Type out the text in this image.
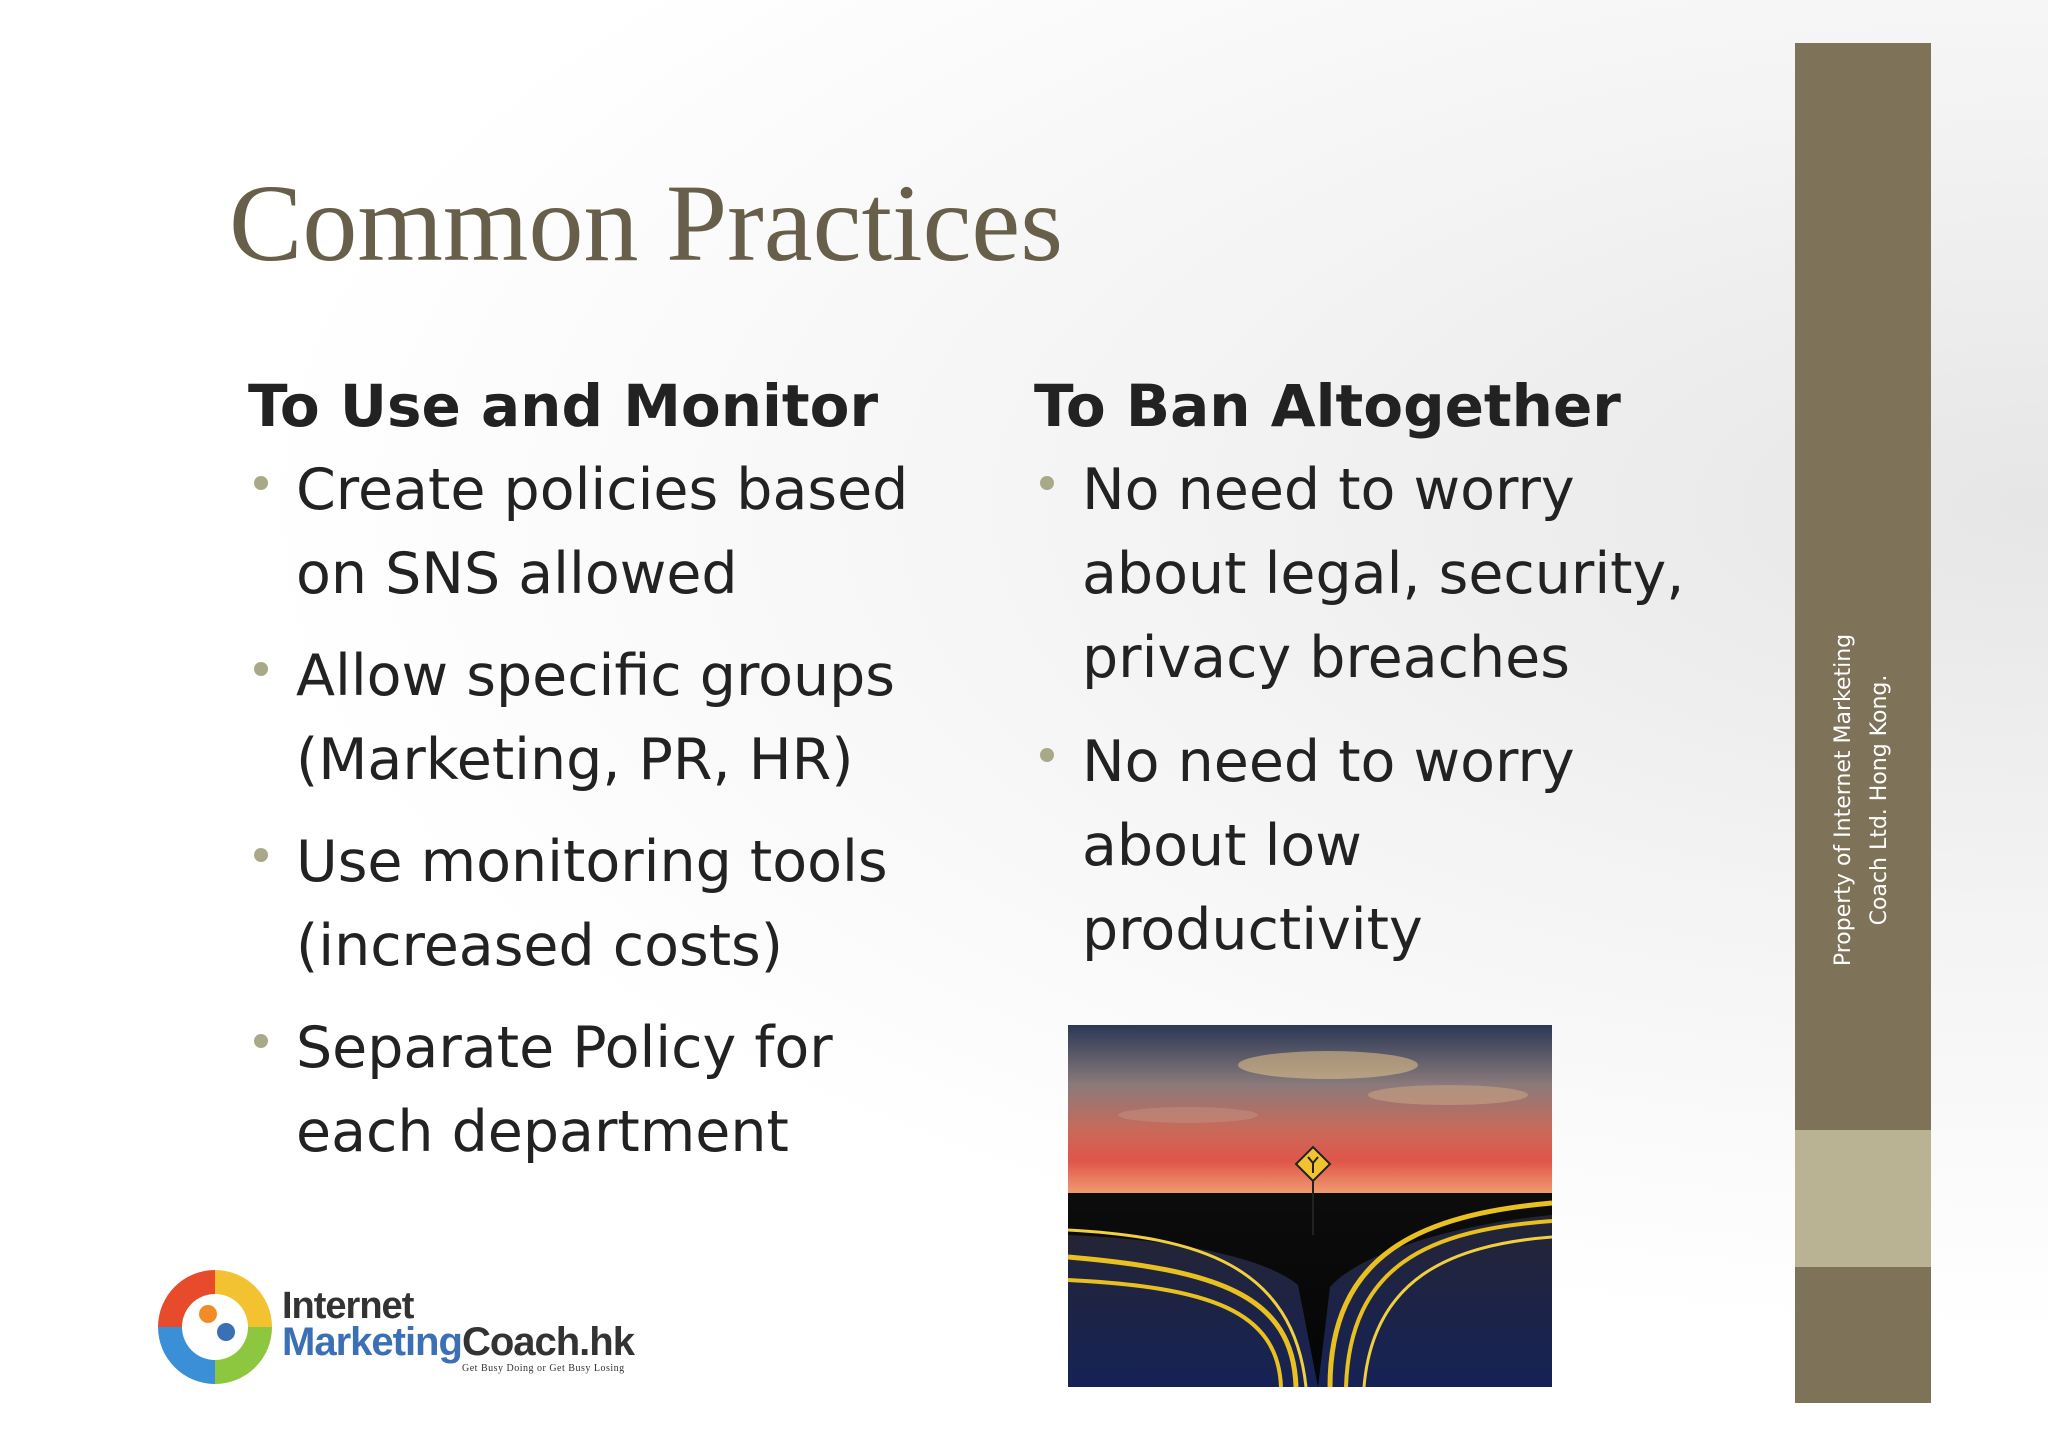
Common Practices
To Use and Monitor
Create policies based
on SNS allowed
Allow specific groups
(Marketing, PR, HR)
Use monitoring tools
(increased costs)
Separate Policy for
each department
To Ban Altogether
No need to worry
about legal, security,
privacy breaches
No need to worry
about low
productivity
Internet
MarketingCoach.hk
Get Busy Doing or Get Busy Losing
Property of Internet Marketing Coach Ltd. Hong Kong.
